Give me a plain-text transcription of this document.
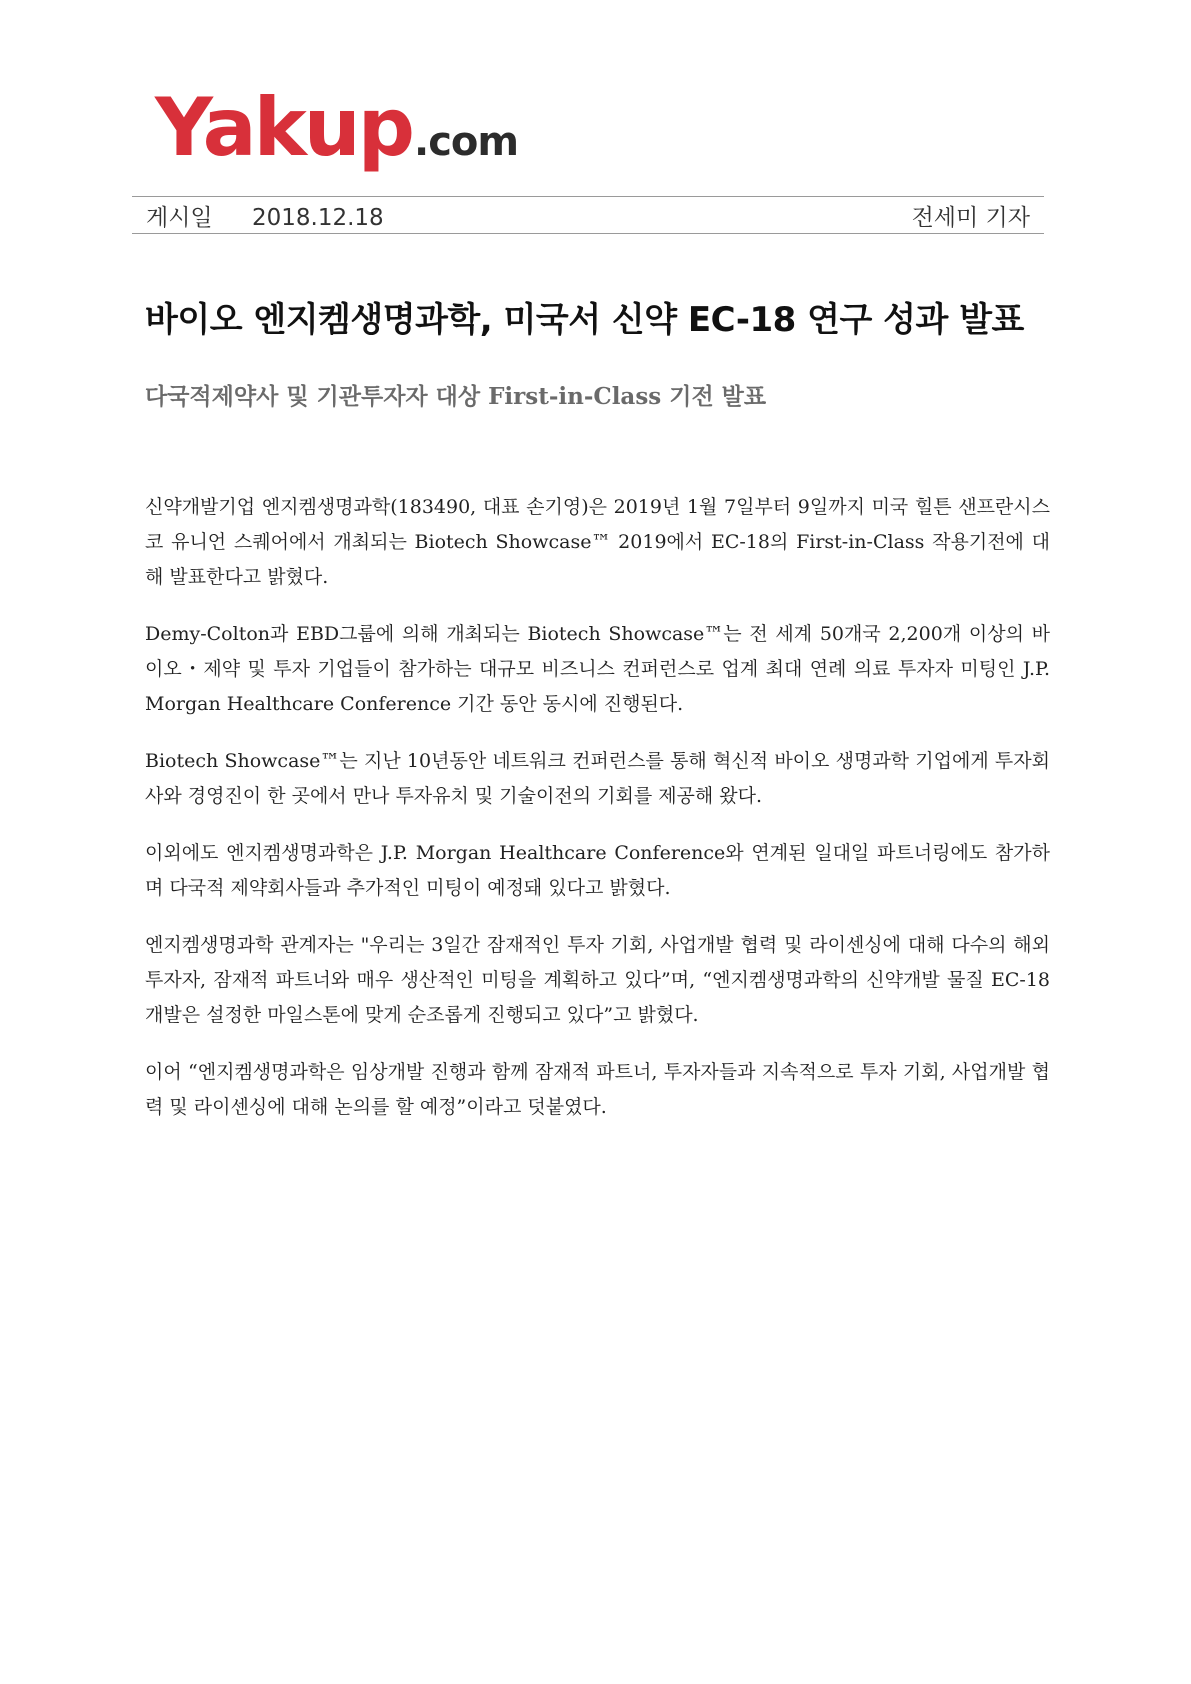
Yakup .com
게시일 2018.12.18	전세미 기자
바이오 엔지켐생명과학, 미국서 신약 EC-18 연구 성과 발표
다국적제약사 및 기관투자자 대상 First-in-Class 기전 발표

신약개발기업 엔지켐생명과학(183490, 대표 손기영)은 2019년 1월 7일부터 9일까지 미국 힐튼 샌프란시스코 유니언 스퀘어에서 개최되는 Biotech Showcase™ 2019에서 EC-18의 First-in-Class 작용기전에 대해 발표한다고 밝혔다.

Demy-Colton과 EBD그룹에 의해 개최되는 Biotech Showcase™는 전 세계 50개국 2,200개 이상의 바이오・제약 및 투자 기업들이 참가하는 대규모 비즈니스 컨퍼런스로 업계 최대 연례 의료 투자자 미팅인 J.P. Morgan Healthcare Conference 기간 동안 동시에 진행된다.

Biotech Showcase™는 지난 10년동안 네트워크 컨퍼런스를 통해 혁신적 바이오 생명과학 기업에게 투자회사와 경영진이 한 곳에서 만나 투자유치 및 기술이전의 기회를 제공해 왔다.

이외에도 엔지켐생명과학은 J.P. Morgan Healthcare Conference와 연계된 일대일 파트너링에도 참가하며 다국적 제약회사들과 추가적인 미팅이 예정돼 있다고 밝혔다.

엔지켐생명과학 관계자는 "우리는 3일간 잠재적인 투자 기회, 사업개발 협력 및 라이센싱에 대해 다수의 해외 투자자, 잠재적 파트너와 매우 생산적인 미팅을 계획하고 있다”며, “엔지켐생명과학의 신약개발 물질 EC-18 개발은 설정한 마일스톤에 맞게 순조롭게 진행되고 있다”고 밝혔다.

이어 “엔지켐생명과학은 임상개발 진행과 함께 잠재적 파트너, 투자자들과 지속적으로 투자 기회, 사업개발 협력 및 라이센싱에 대해 논의를 할 예정”이라고 덧붙였다.
